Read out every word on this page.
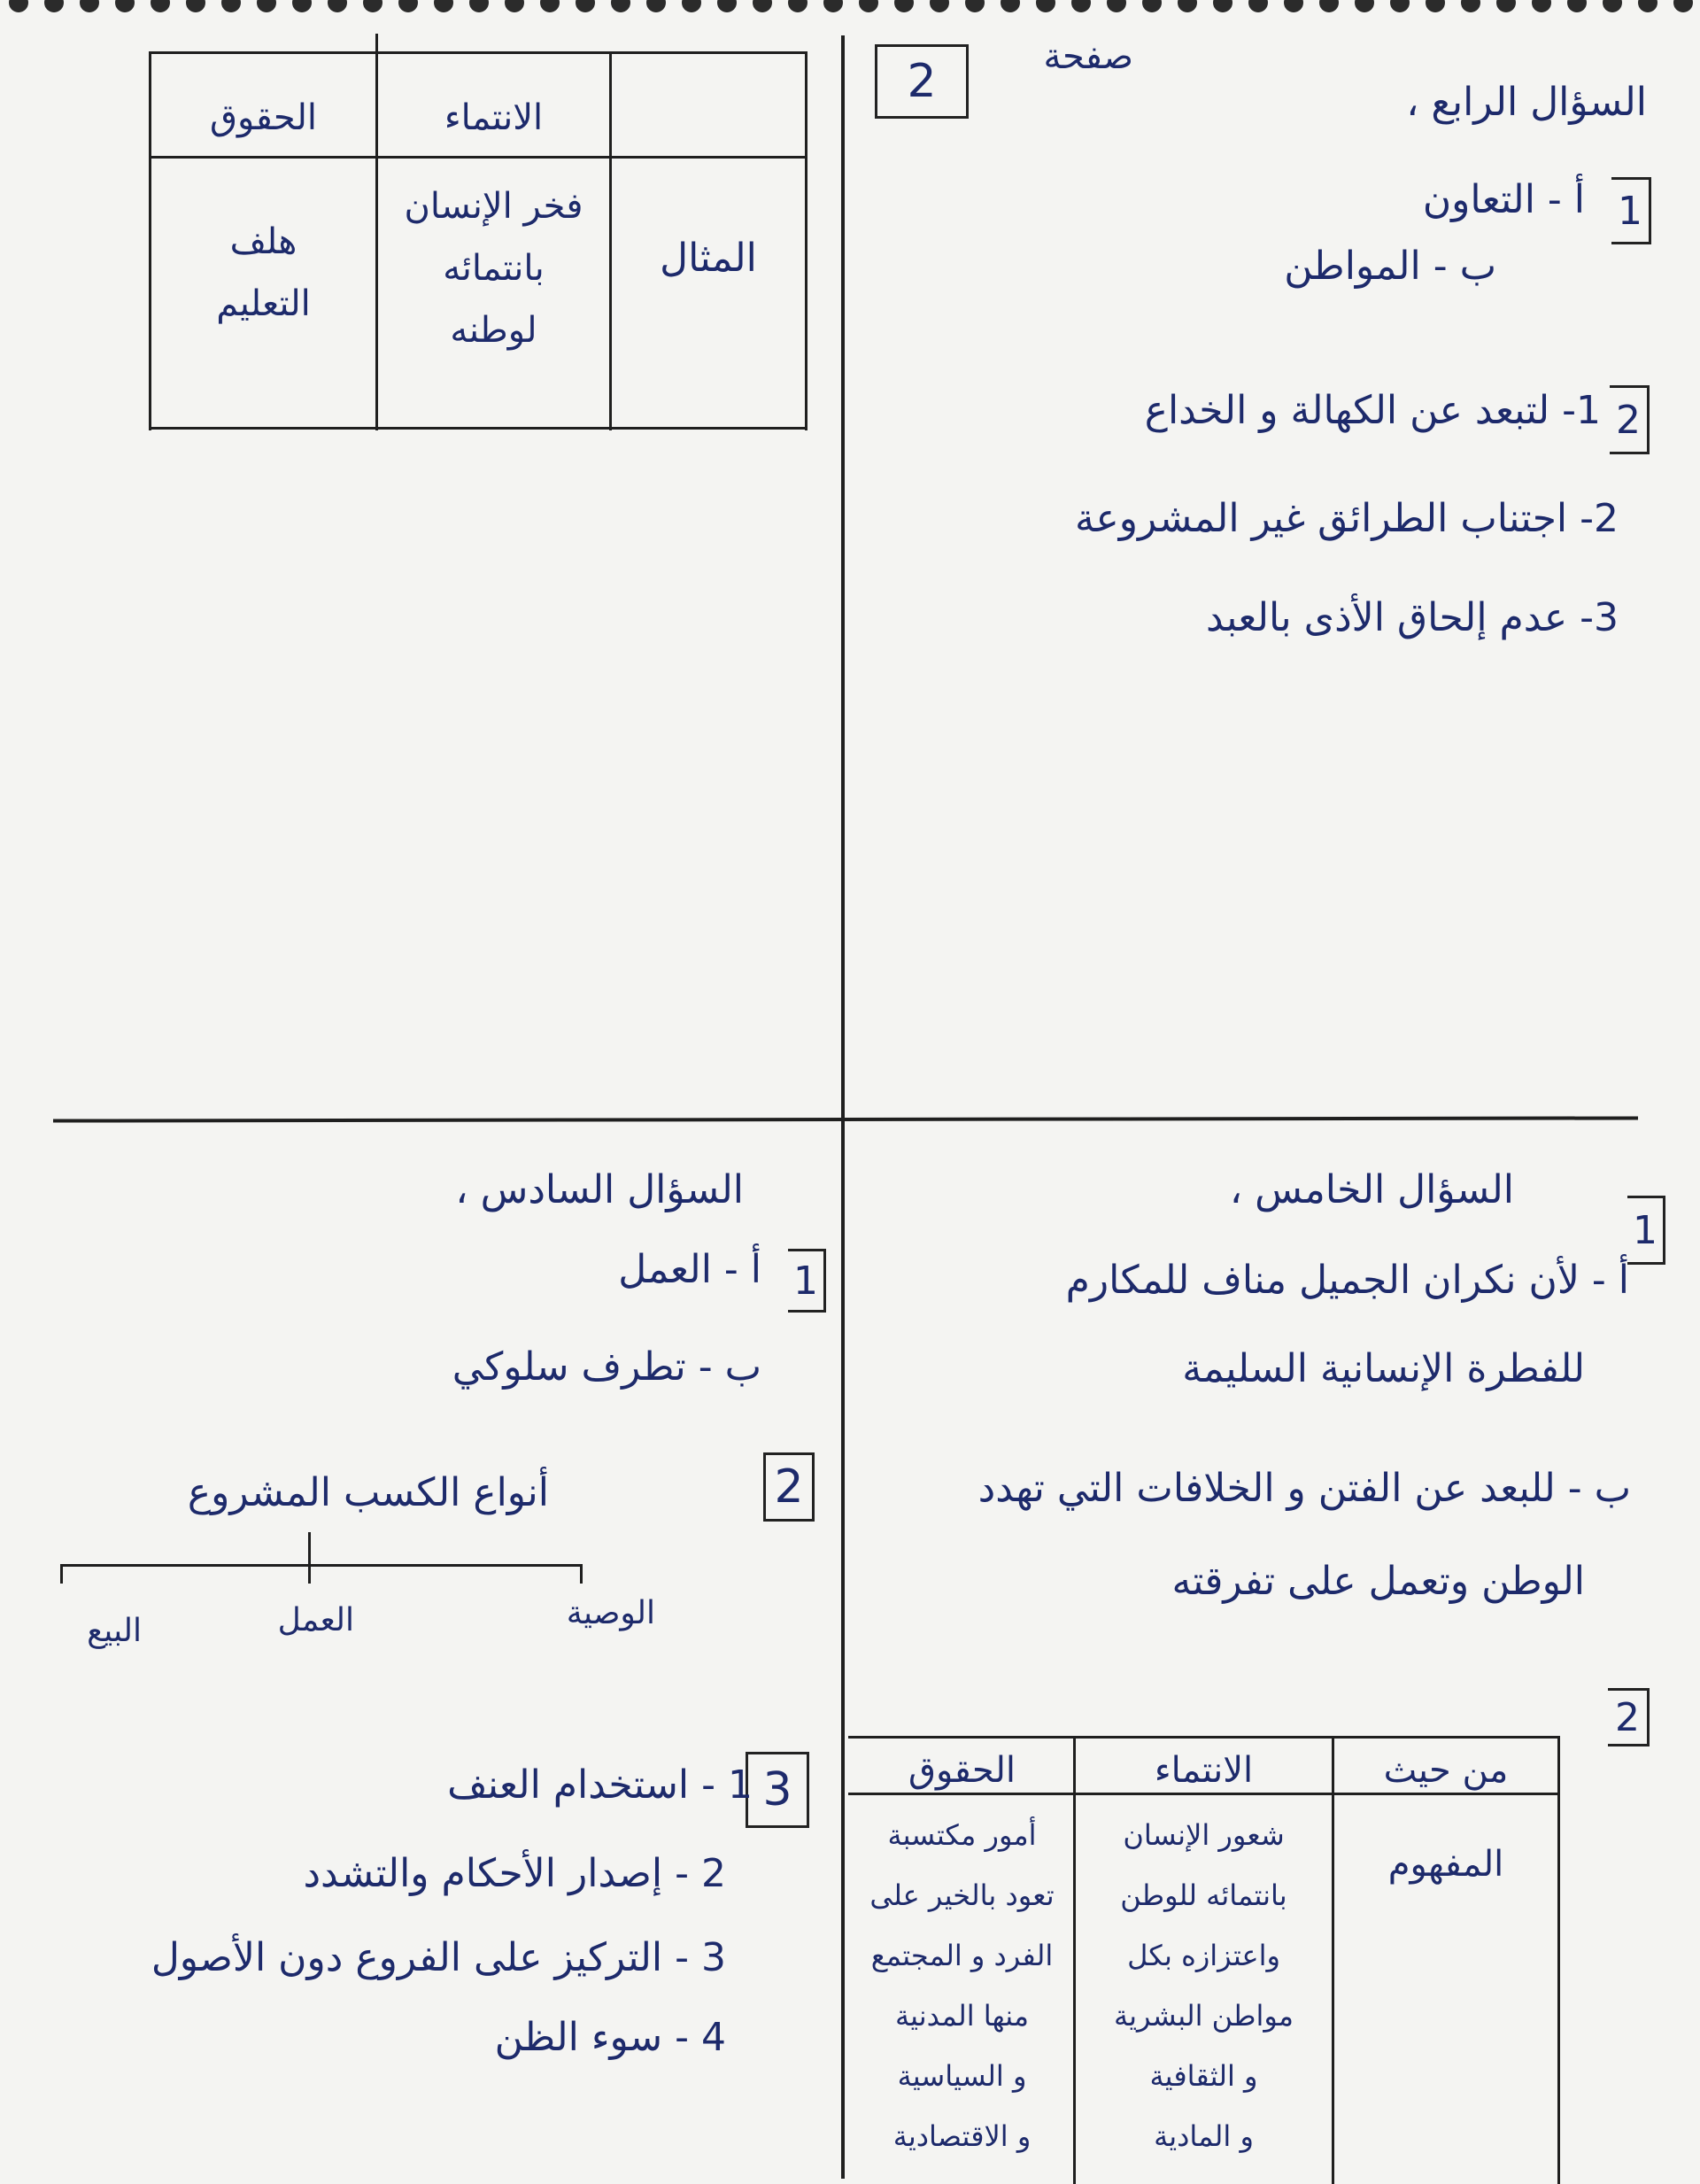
صفحة
2	السؤال الرابع ،
1
أ - التعاون
ب - المواطن
2
1- لتبعد عن الكهالة و الخداع
2- اجتناب الطرائق غير المشروعة
3- عدم إلحاق الأذى بالعبد
الانتماء
الحقوق
المثال
فخر الإنسان
بانتمائه
لوطنه
هلف
التعليم
السؤال الخامس ،
1
أ - لأن نكران الجميل مناف للمكارم
للفطرة الإنسانية السليمة
ب - للبعد عن الفتن و الخلافات التي تهدد
الوطن وتعمل على تفرقته
2
من حيث
الانتماء
الحقوق
المفهوم
شعور الإنسان
بانتمائه للوطن
واعتزازه بكل
مواطن البشرية
و الثقافية
و المادية
أمور مكتسبة
تعود بالخير على
الفرد و المجتمع
منها المدنية
و السياسية
و الاقتصادية
السؤال السادس ،
1
أ - العمل
ب - تطرف سلوكي
2
أنواع الكسب المشروع
الوصية
العمل
البيع
3
1 - استخدام العنف
2 - إصدار الأحكام والتشدد
3 - التركيز على الفروع دون الأصول
4 - سوء الظن
